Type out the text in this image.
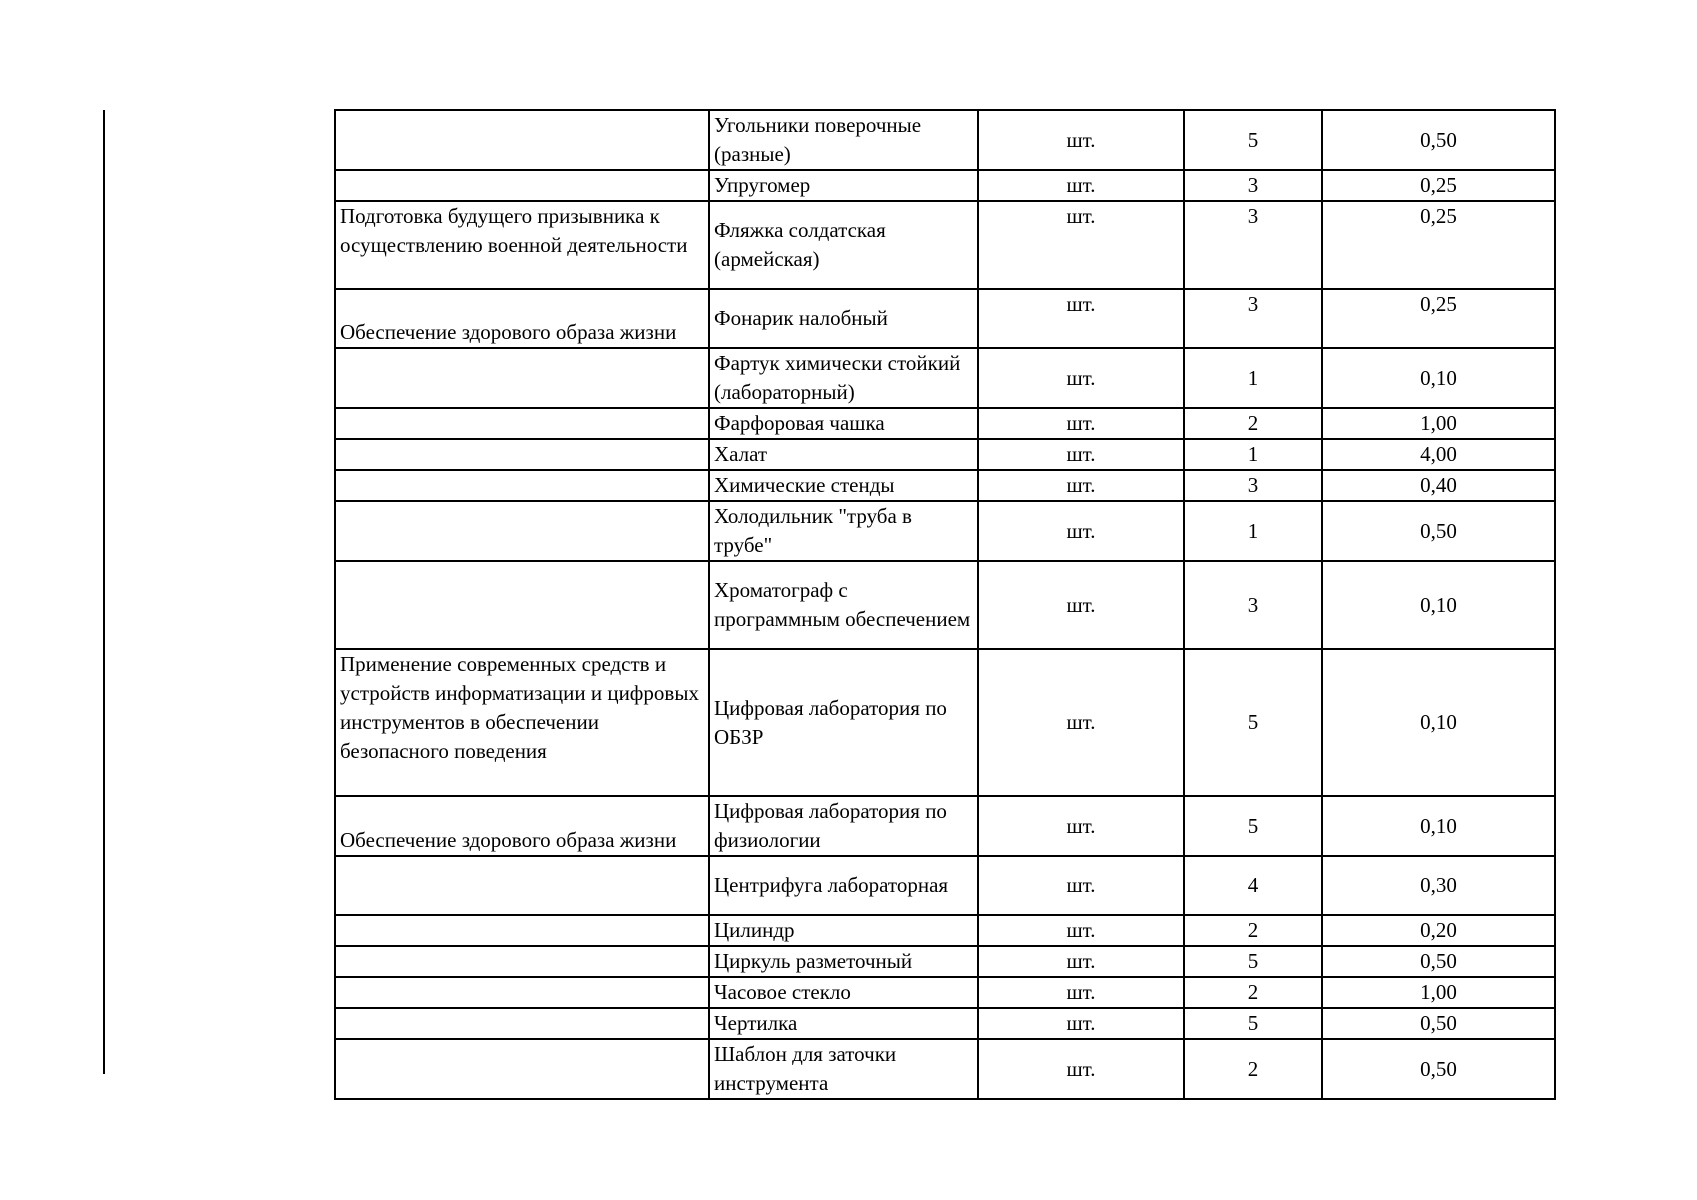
	Угольники поверочные (разные)	шт.	5	0,50
	Упругомер	шт.	3	0,25
Подготовка будущего призывника к осуществлению военной деятельности	Фляжка солдатская (армейская)	шт.	3	0,25
Обеспечение здорового образа жизни	Фонарик налобный	шт.	3	0,25
	Фартук химически стойкий (лабораторный)	шт.	1	0,10
	Фарфоровая чашка	шт.	2	1,00
	Халат	шт.	1	4,00
	Химические стенды	шт.	3	0,40
	Холодильник "труба в трубе"	шт.	1	0,50
	Хроматограф с программным обеспечением	шт.	3	0,10
Применение современных средств и устройств информатизации и цифровых инструментов в обеспечении безопасного поведения	Цифровая лаборатория по ОБЗР	шт.	5	0,10
Обеспечение здорового образа жизни	Цифровая лаборатория по физиологии	шт.	5	0,10
	Центрифуга лабораторная	шт.	4	0,30
	Цилиндр	шт.	2	0,20
	Циркуль разметочный	шт.	5	0,50
	Часовое стекло	шт.	2	1,00
	Чертилка	шт.	5	0,50
	Шаблон для заточки инструмента	шт.	2	0,50
